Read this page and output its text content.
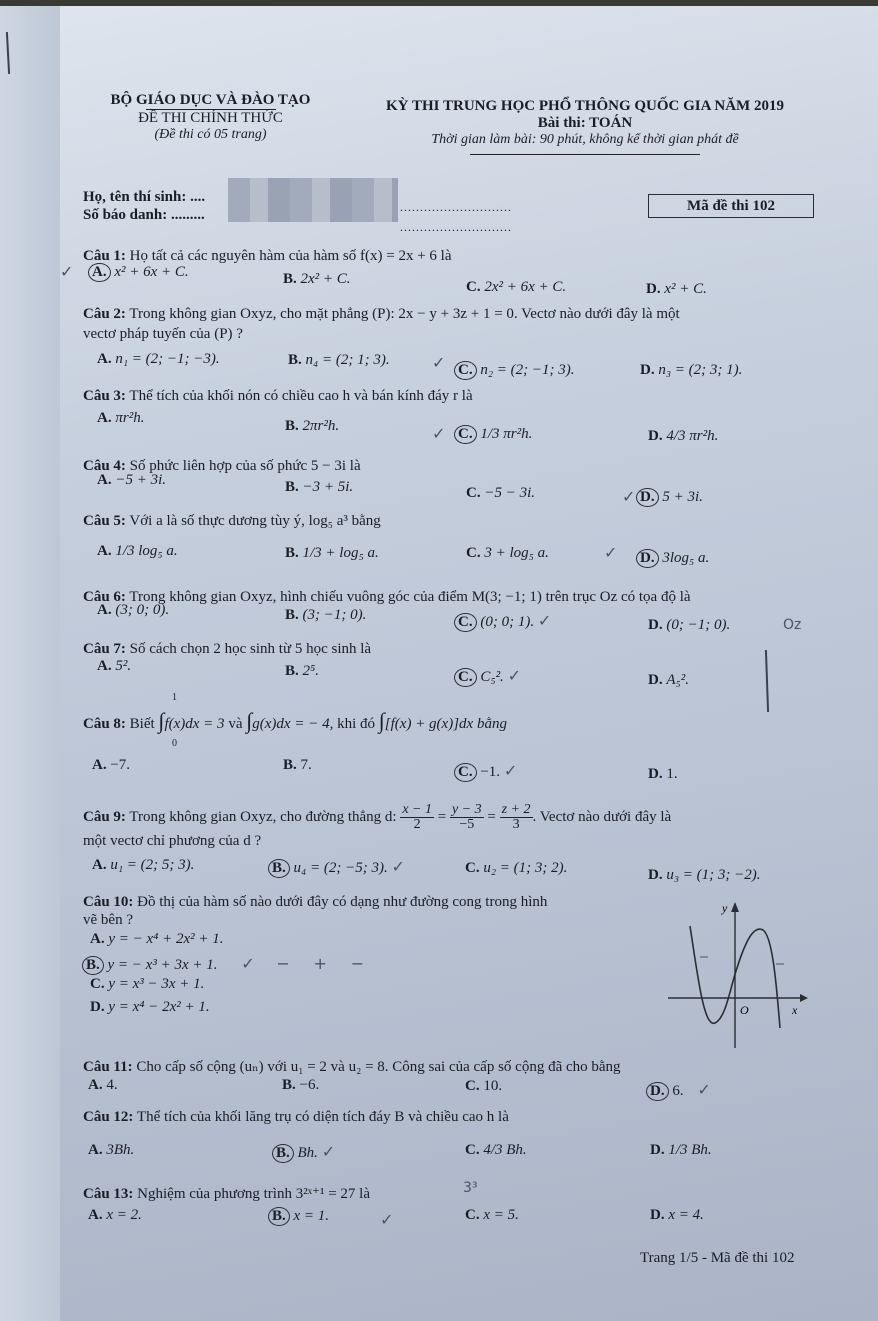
BỘ GIÁO DỤC VÀ ĐÀO TẠO
ĐỀ THI CHÍNH THỨC
(Đề thi có 05 trang)
KỲ THI TRUNG HỌC PHỔ THÔNG QUỐC GIA NĂM 2019
Bài thi: TOÁN
Thời gian làm bài: 90 phút, không kể thời gian phát đề
Họ, tên thí sinh: ....
Số báo danh: .........	............................
............................
Mã đề thi 102
Câu 1: Họ tất cả các nguyên hàm của hàm số f(x) = 2x + 6 là
✓ A. x² + 6x + C.	B. 2x² + C.	C. 2x² + 6x + C.	D. x² + C.
Câu 2: Trong không gian Oxyz, cho mặt phẳng (P): 2x − y + 3z + 1 = 0. Vectơ nào dưới đây là một
vectơ pháp tuyến của (P) ?
A. n₁ = (2; −1; −3).	B. n₄ = (2; 1; 3).	✓ C. n₂ = (2; −1; 3).	D. n₃ = (2; 3; 1).
Câu 3: Thể tích của khối nón có chiều cao h và bán kính đáy r là
A. πr²h.	B. 2πr²h.	✓ C. 1/3 πr²h.	D. 4/3 πr²h.
Câu 4: Số phức liên hợp của số phức 5 − 3i là
A. −5 + 3i.	B. −3 + 5i.	C. −5 − 3i.	✓ D. 5 + 3i.
Câu 5: Với a là số thực dương tùy ý, log₅ a³ bằng
A. 1/3 log₅ a.	B. 1/3 + log₅ a.	C. 3 + log₅ a.	✓ D. 3log₅ a.
Câu 6: Trong không gian Oxyz, hình chiếu vuông góc của điểm M(3; −1; 1) trên trục Oz có tọa độ là
A. (3; 0; 0).	B. (3; −1; 0).	C. (0; 0; 1). ✓	D. (0; −1; 0).	Oz
Câu 7: Số cách chọn 2 học sinh từ 5 học sinh là
A. 5².	B. 2⁵.	C. C₅². ✓	D. A₅².
Câu 8: Biết ∫f(x)dx = 3 và ∫g(x)dx = − 4, khi đó ∫[f(x) + g(x)]dx bằng
1
0
A. −7.	B. 7.	C. −1. ✓	D. 1.
Câu 9: Trong không gian Oxyz, cho đường thẳng d: $\frac{x - 1}{2} = \frac{y - 3}{-5} = \frac{z + 2}{3}$ . Vectơ nào dưới đây là
một vectơ chỉ phương của d ?
A. u₁ = (2; 5; 3).	B. u₄ = (2; −5; 3). ✓	C. u₂ = (1; 3; 2).	D. u₃ = (1; 3; −2).
Câu 10: Đồ thị của hàm số nào dưới đây có dạng như đường cong trong hình
vẽ bên ?
A. y = − x⁴ + 2x² + 1.
B. y = − x³ + 3x + 1. ✓ − + −
C. y = x³ − 3x + 1.
D. y = x⁴ − 2x² + 1.
y
O	x
Câu 11: Cho cấp số cộng (uₙ) với u₁ = 2 và u₂ = 8. Công sai của cấp số cộng đã cho bằng
A. 4.	B. −6.	C. 10.	D. 6. ✓
Câu 12: Thể tích của khối lăng trụ có diện tích đáy B và chiều cao h là
A. 3Bh.	B. Bh. ✓	C. 4/3 Bh.	D. 1/3 Bh.
Câu 13: Nghiệm của phương trình 3²ˣ⁺¹ = 27 là	3³
A. x = 2.	B. x = 1.	✓	C. x = 5.	D. x = 4.
Trang 1/5 - Mã đề thi 102
